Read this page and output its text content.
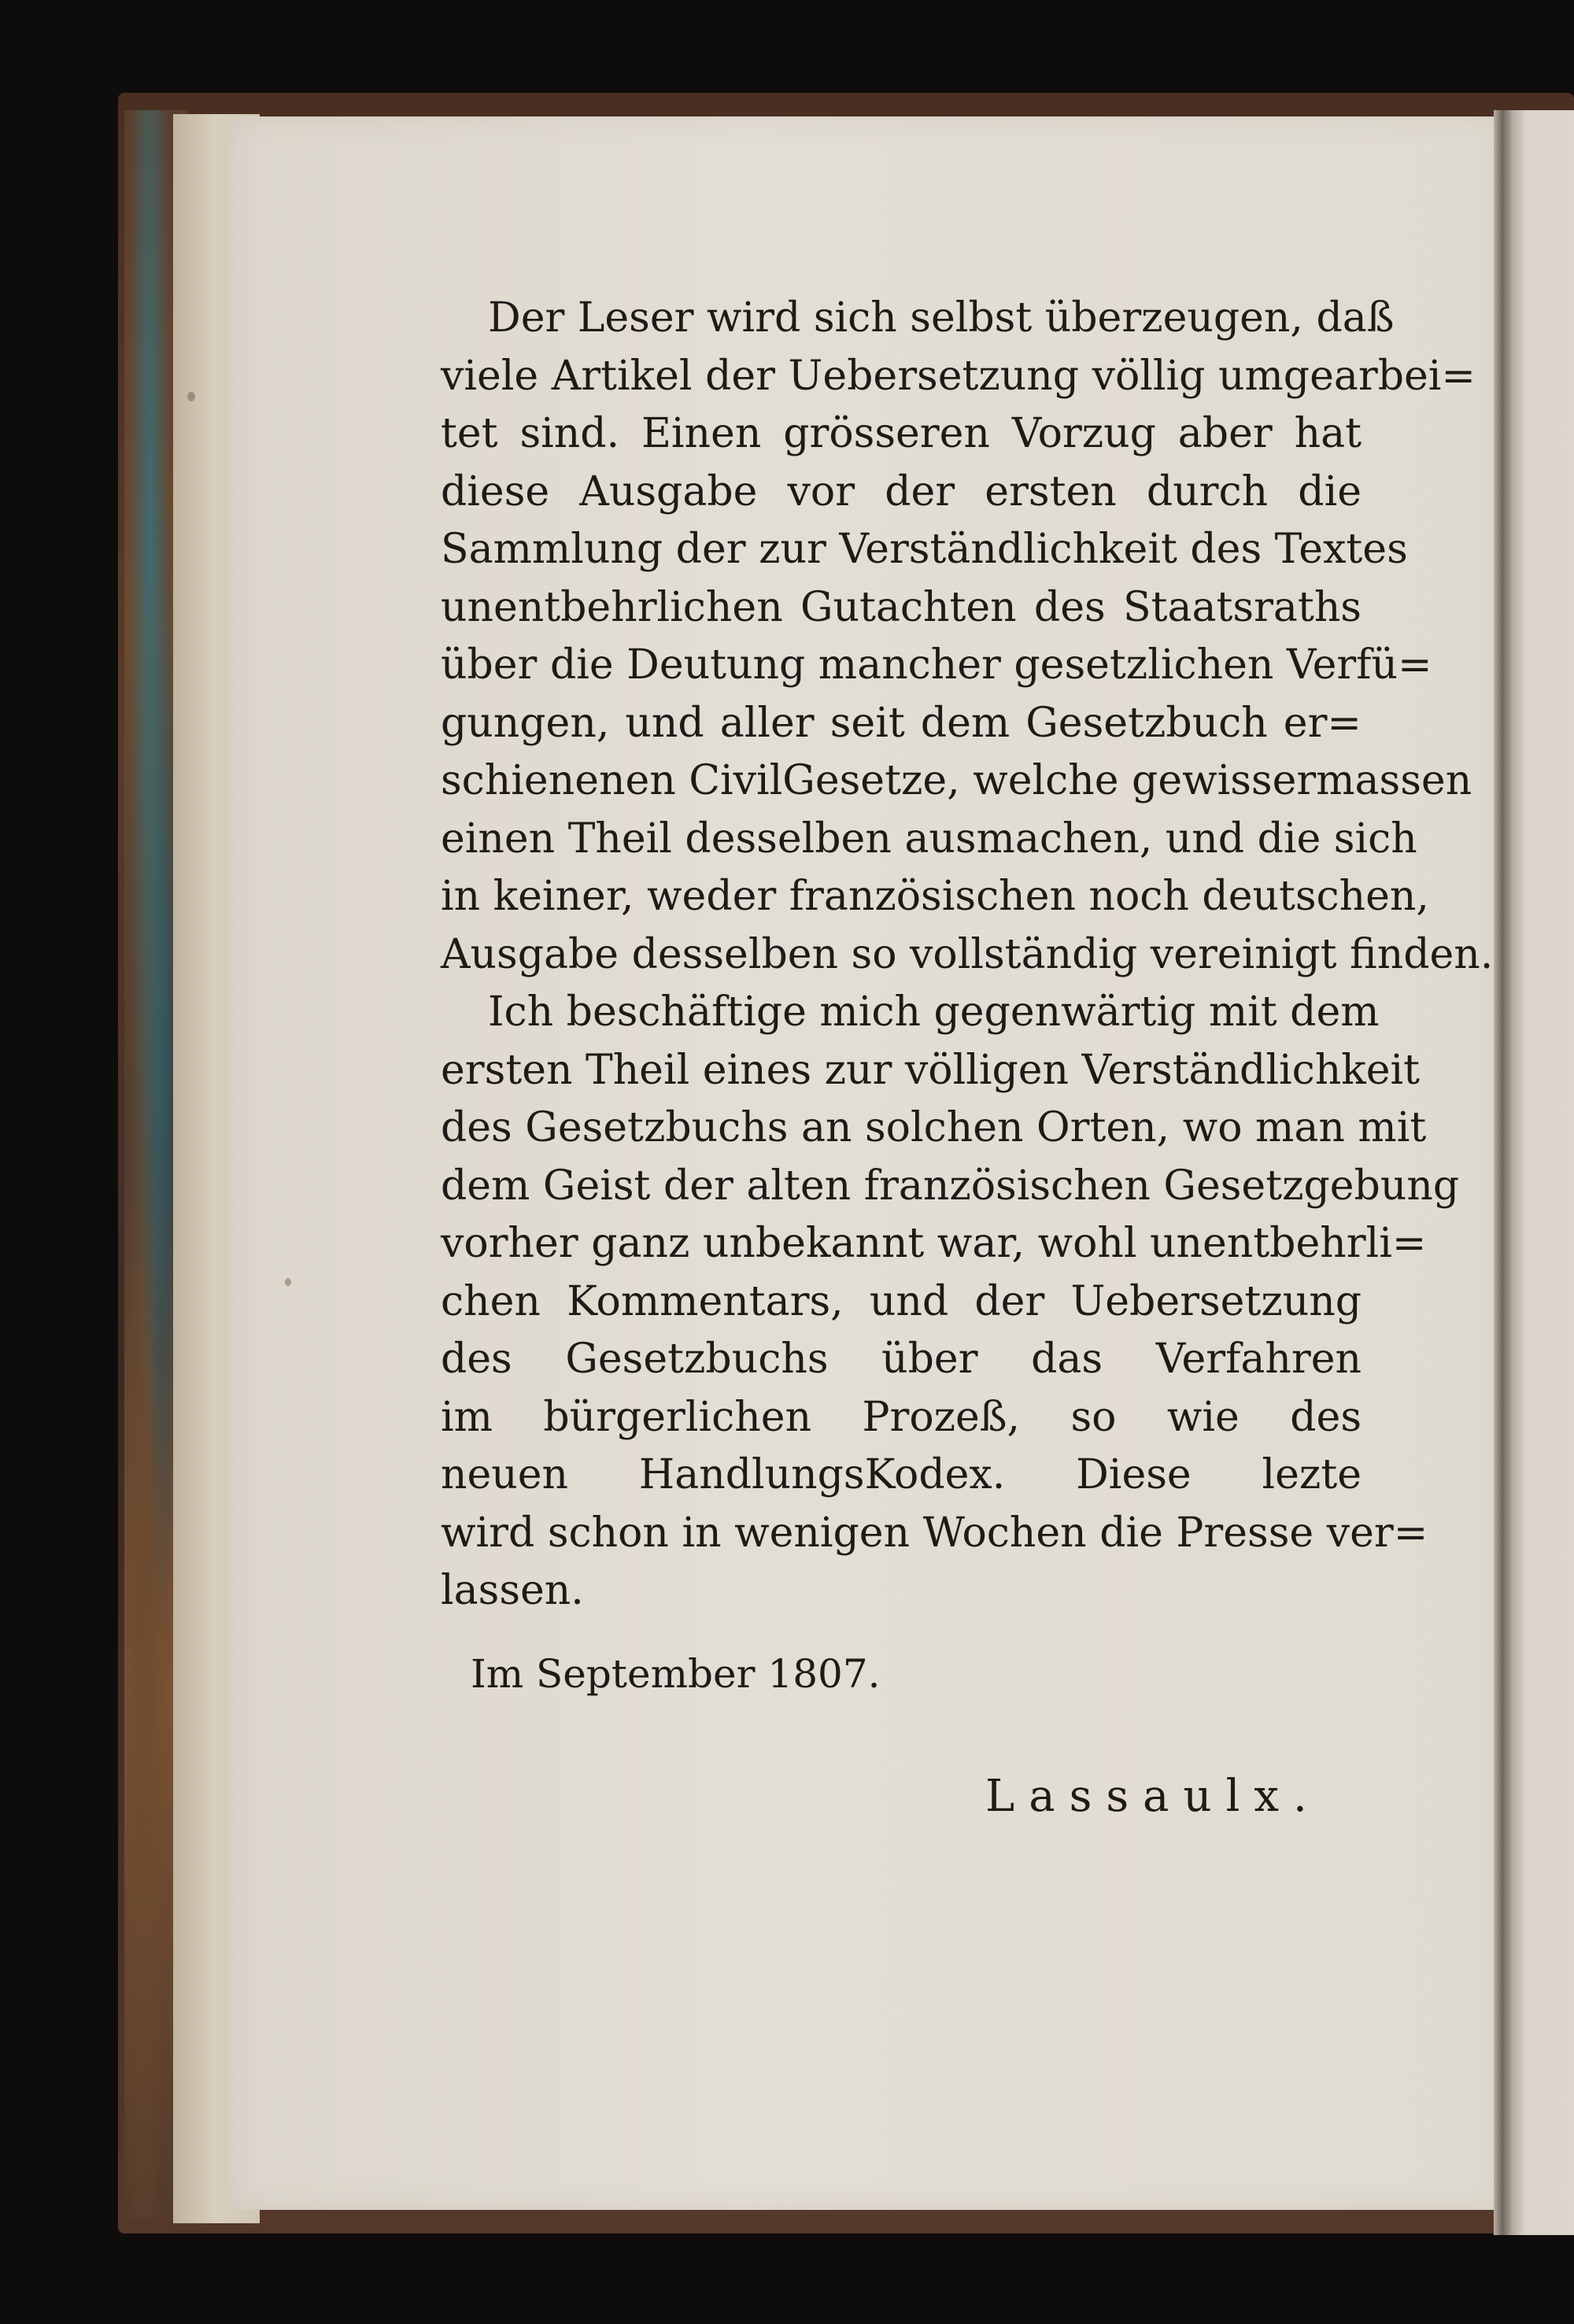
Der Leser wird sich selbst überzeugen, daß
viele Artikel der Uebersetzung völlig umgearbei=
tet sind. Einen grösseren Vorzug aber hat
diese Ausgabe vor der ersten durch die
Sammlung der zur Verständlichkeit des Textes
unentbehrlichen Gutachten des Staatsraths
über die Deutung mancher gesetzlichen Verfü=
gungen, und aller seit dem Gesetzbuch er=
schienenen CivilGesetze, welche gewissermassen
einen Theil desselben ausmachen, und die sich
in keiner, weder französischen noch deutschen,
Ausgabe desselben so vollständig vereinigt finden.
Ich beschäftige mich gegenwärtig mit dem
ersten Theil eines zur völligen Verständlichkeit
des Gesetzbuchs an solchen Orten, wo man mit
dem Geist der alten französischen Gesetzgebung
vorher ganz unbekannt war, wohl unentbehrli=
chen Kommentars, und der Uebersetzung
des Gesetzbuchs über das Verfahren
im bürgerlichen Prozeß, so wie des
neuen HandlungsKodex. Diese lezte
wird schon in wenigen Wochen die Presse ver=
lassen.
Im September 1807.
Lassaulx.
